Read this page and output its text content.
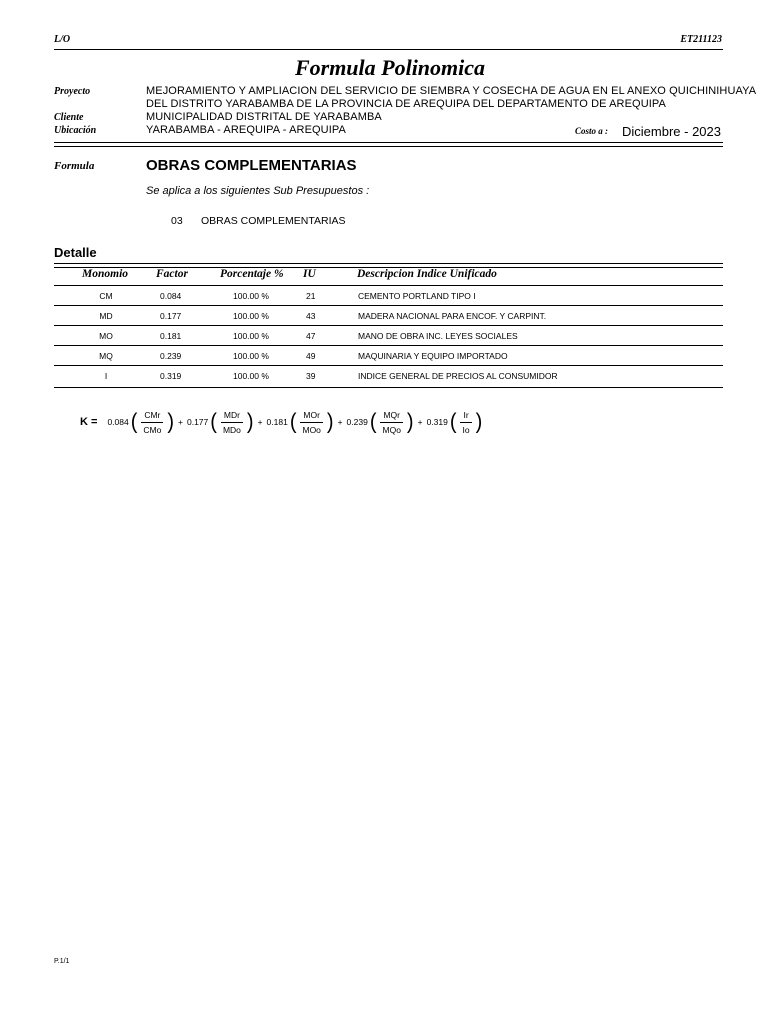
L/O	ET211123
Formula Polinomica
Proyecto	MEJORAMIENTO Y AMPLIACION DEL SERVICIO DE SIEMBRA Y COSECHA DE AGUA EN EL ANEXO QUICHINIHUAYA
DEL DISTRITO YARABAMBA DE LA PROVINCIA DE AREQUIPA DEL DEPARTAMENTO DE AREQUIPA
Cliente	MUNICIPALIDAD DISTRITAL DE YARABAMBA
Ubicación	YARABAMBA - AREQUIPA - AREQUIPA	Costo a : Diciembre - 2023
Formula	OBRAS COMPLEMENTARIAS
Se aplica a los siguientes Sub Presupuestos :
03 OBRAS COMPLEMENTARIAS
Detalle
Monomio Factor	Porcentaje % IU	Descripcion Indice Unificado
CM	0.084	100.00 %	21	CEMENTO PORTLAND TIPO I
MD	0.177	100.00 %	43	MADERA NACIONAL PARA ENCOF. Y CARPINT.
MO	0.181	100.00 %	47	MANO DE OBRA INC. LEYES SOCIALES
MQ	0.239	100.00 %	49	MAQUINARIA Y EQUIPO IMPORTADO
I	0.319	100.00 %	39	INDICE GENERAL DE PRECIOS AL CONSUMIDOR
K = 0.084 ( $\frac{\text{CMr}}{\text{CMo}}$ ) + 0.177 ( $\frac{\text{MDr}}{\text{MDo}}$ ) + 0.181 ( $\frac{\text{MOr}}{\text{MOo}}$ ) + 0.239 ( $\frac{\text{MQr}}{\text{MQo}}$ ) + 0.319 ( $\frac{Ir}{Io}$ )
P.1/1
